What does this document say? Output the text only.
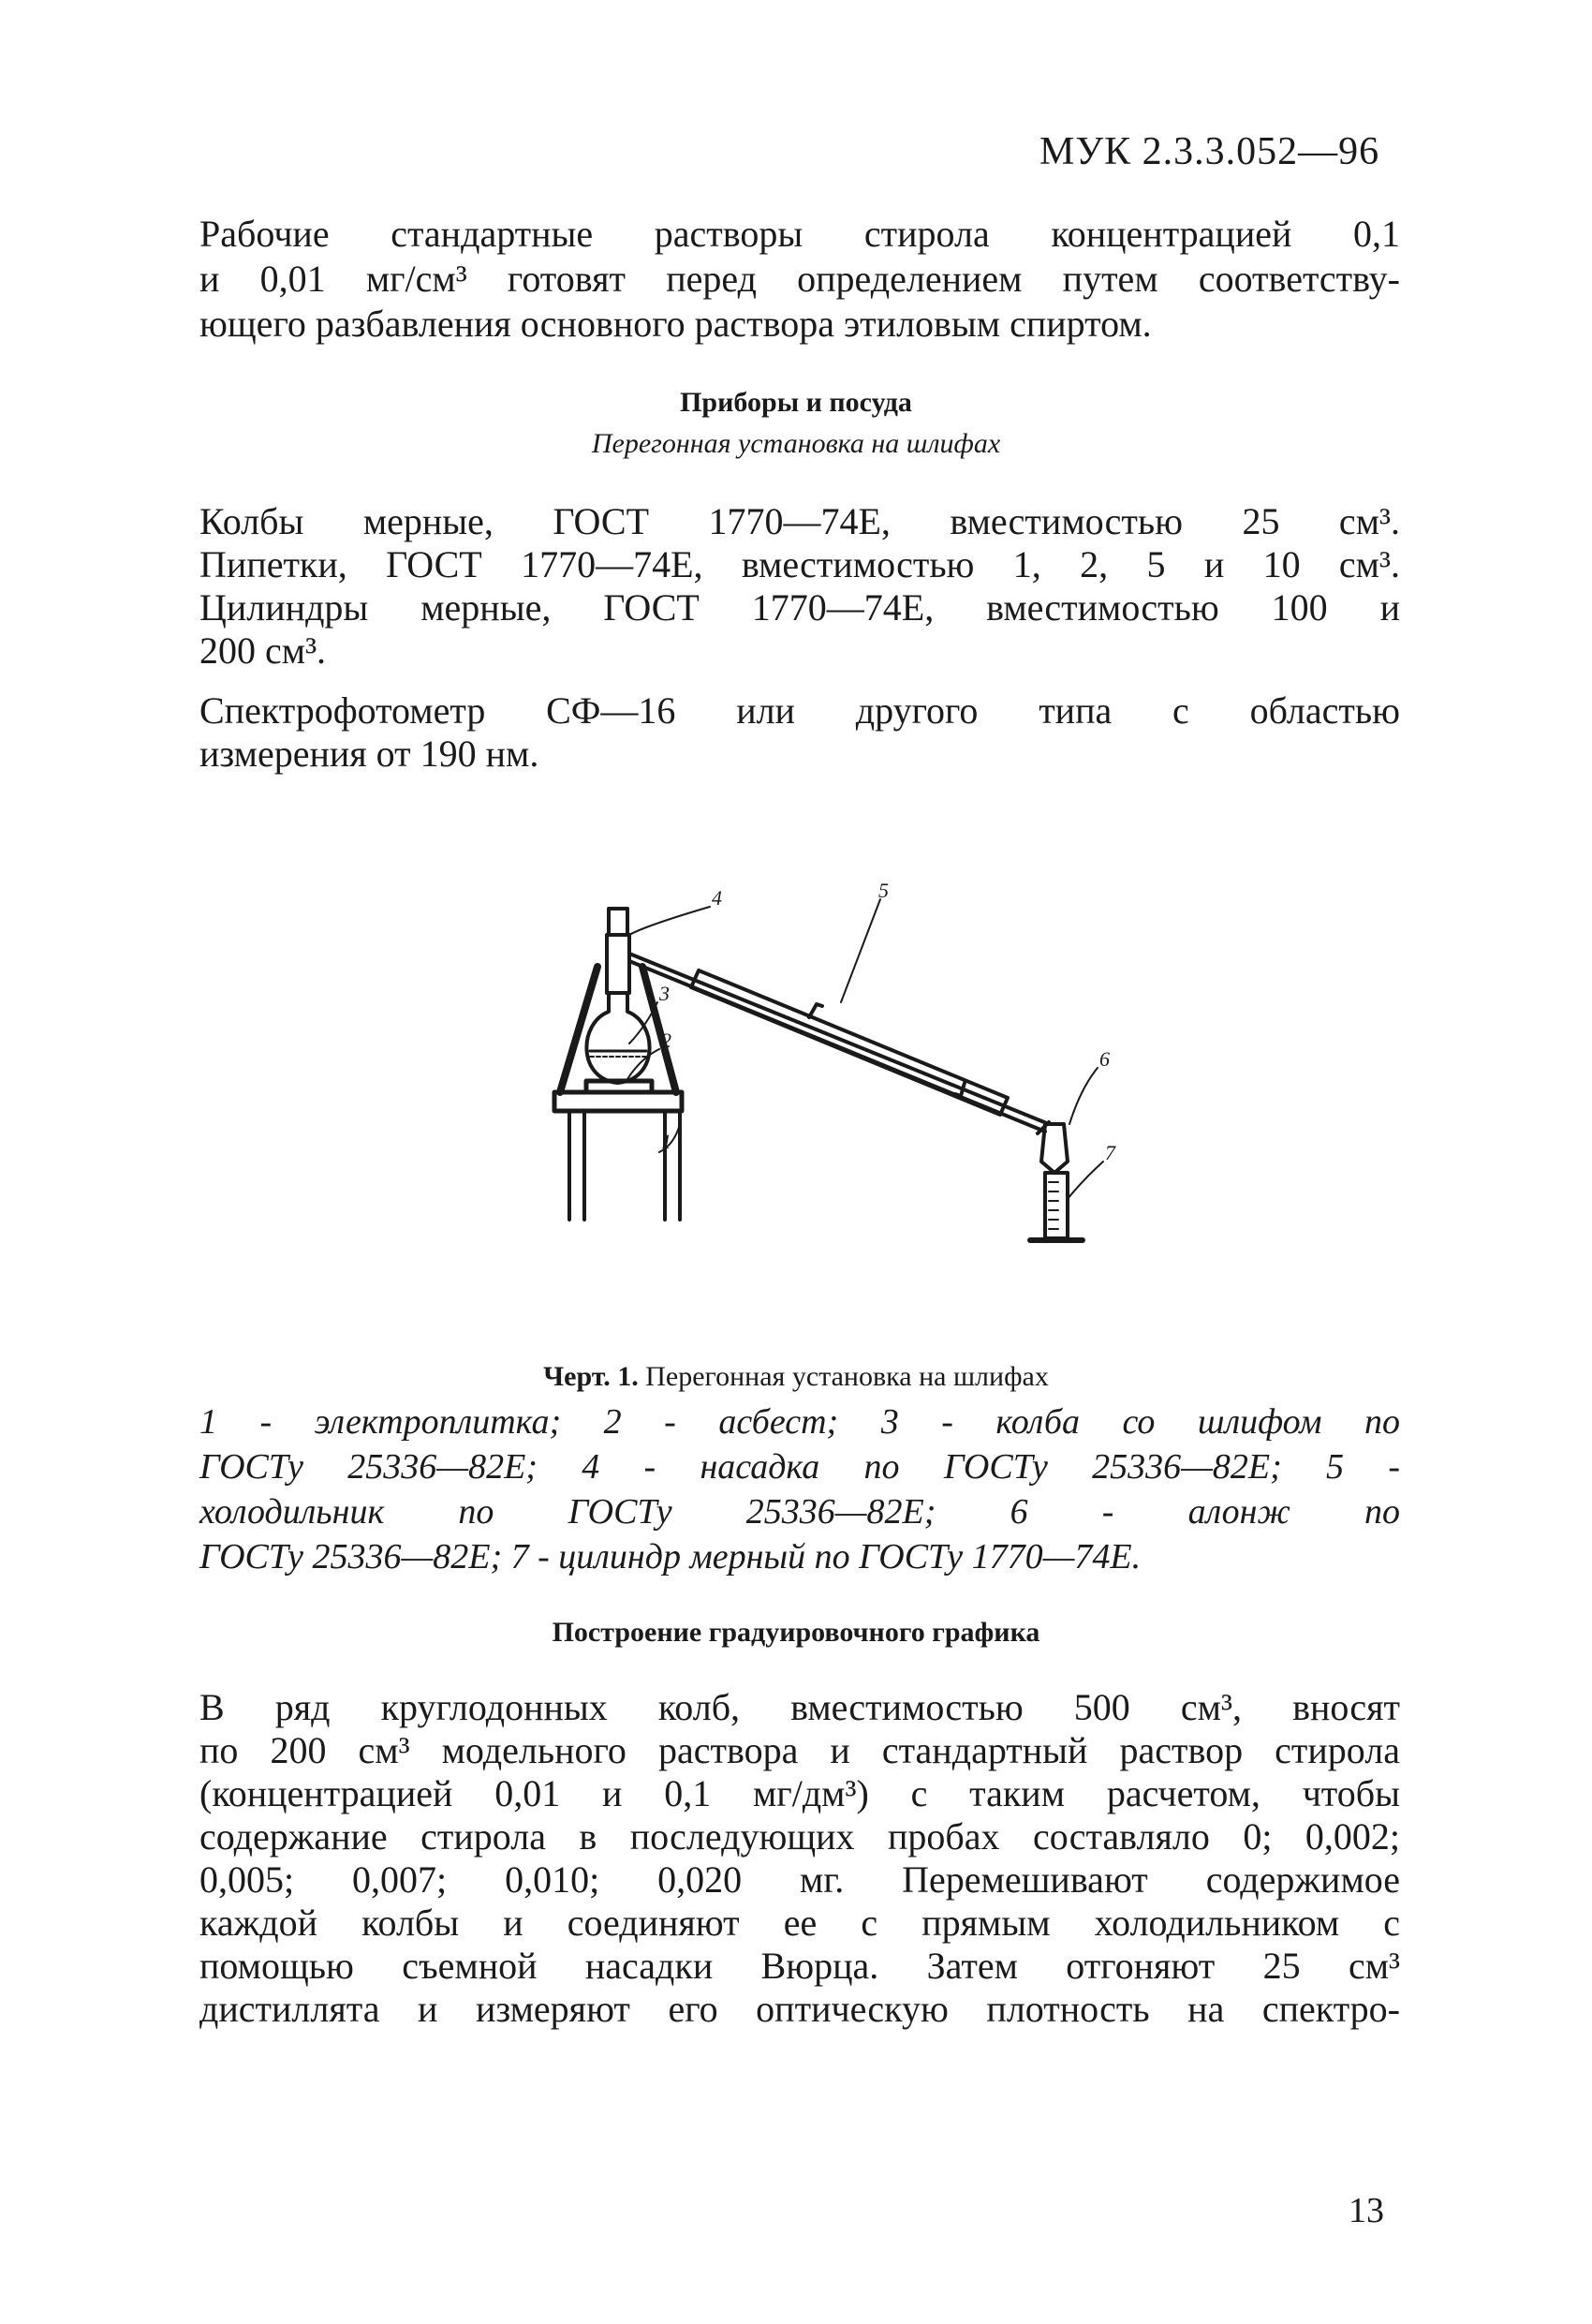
МУК 2.3.3.052—96
Рабочие стандартные растворы стирола концентрацией 0,1
и 0,01 мг/см³ готовят перед определением путем соответству-
ющего разбавления основного раствора этиловым спиртом.
Приборы и посуда
Перегонная установка на шлифах
Колбы мерные, ГОСТ 1770—74Е, вместимостью 25 см³.
Пипетки, ГОСТ 1770—74Е, вместимостью 1, 2, 5 и 10 см³.
Цилиндры мерные, ГОСТ 1770—74Е, вместимостью 100 и
200 см³.
Спектрофотометр СФ—16 или другого типа с областью
измерения от 190 нм.
4	5
3
2
1
6
7
Черт. 1. Перегонная установка на шлифах
1 - электроплитка; 2 - асбест; 3 - колба со шлифом по
ГОСТу 25336—82Е; 4 - насадка по ГОСТу 25336—82Е; 5 -
холодильник по ГОСТу 25336—82Е; 6 - алонж по
ГОСТу 25336—82Е; 7 - цилиндр мерный по ГОСТу 1770—74Е.
Построение градуировочного графика
В ряд круглодонных колб, вместимостью 500 см³, вносят
по 200 см³ модельного раствора и стандартный раствор стирола
(концентрацией 0,01 и 0,1 мг/дм³) с таким расчетом, чтобы
содержание стирола в последующих пробах составляло 0; 0,002;
0,005; 0,007; 0,010; 0,020 мг. Перемешивают содержимое
каждой колбы и соединяют ее с прямым холодильником с
помощью съемной насадки Вюрца. Затем отгоняют 25 см³
дистиллята и измеряют его оптическую плотность на спектро-
13
